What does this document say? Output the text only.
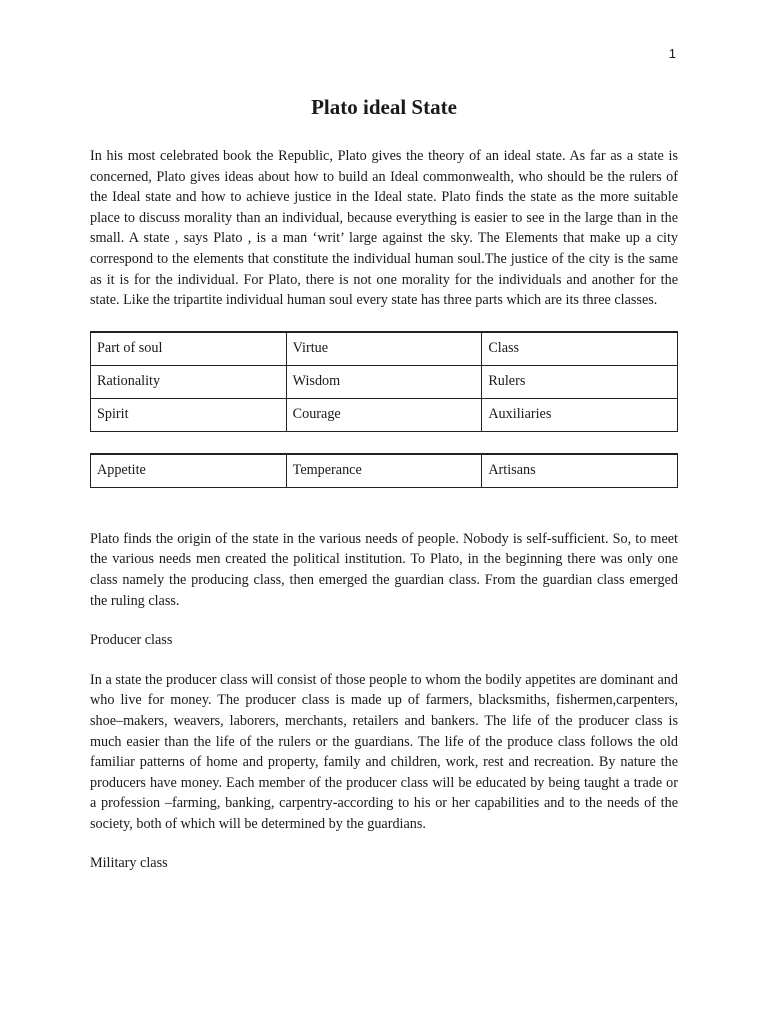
1
Plato ideal State

In his most celebrated book the Republic, Plato gives the theory of an ideal state. As far as a state is concerned, Plato gives ideas about how to build an Ideal commonwealth, who should be the rulers of the Ideal state and how to achieve justice in the Ideal state. Plato finds the state as the more suitable place to discuss morality than an individual, because everything is easier to see in the large than in the small. A state , says Plato , is a man ‘writ’ large against the sky. The Elements that make up a city correspond to the elements that constitute the individual human soul.The justice of the city is the same as it is for the individual. For Plato, there is not one morality for the individuals and another for the state. Like the tripartite individual human soul every state has three parts which are its three classes.

Part of soul	Virtue	Class
Rationality	Wisdom	Rulers
Spirit	Courage	Auxiliaries
Appetite	Temperance	Artisans

Plato finds the origin of the state in the various needs of people. Nobody is self-sufficient. So, to meet the various needs men created the political institution. To Plato, in the beginning there was only one class namely the producing class, then emerged the guardian class. From the guardian class emerged the ruling class.

Producer class

In a state the producer class will consist of those people to whom the bodily appetites are dominant and who live for money. The producer class is made up of farmers, blacksmiths, fishermen,carpenters, shoe–makers, weavers, laborers, merchants, retailers and bankers. The life of the producer class is much easier than the life of the rulers or the guardians. The life of the produce class follows the old familiar patterns of home and property, family and children, work, rest and recreation. By nature the producers have money. Each member of the producer class will be educated by being taught a trade or a profession –farming, banking, carpentry-according to his or her capabilities and to the needs of the society, both of which will be determined by the guardians.

Military class
